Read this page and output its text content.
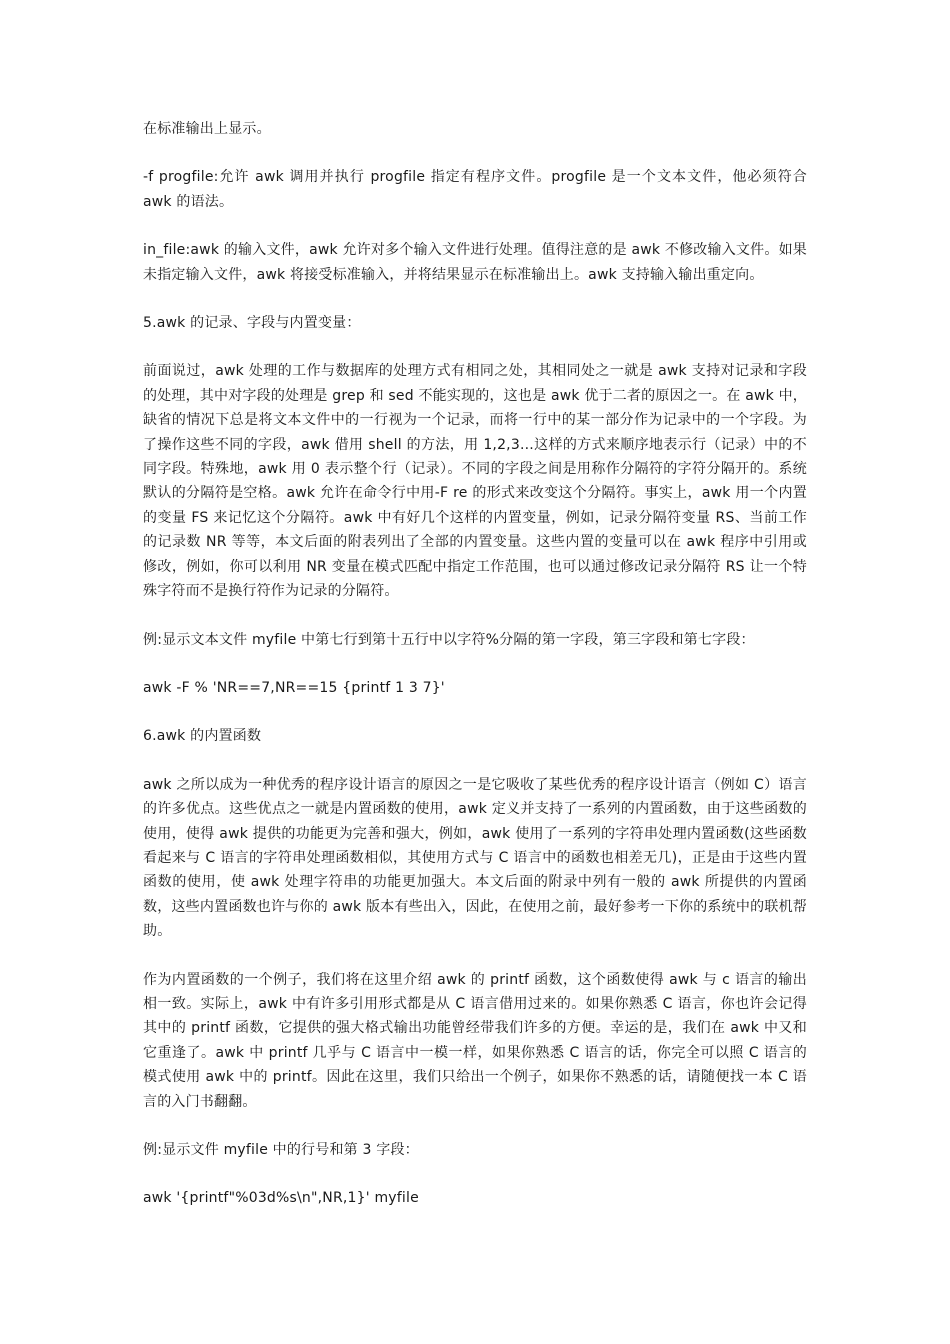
在标准输出上显示。

-f progfile:允许 awk 调用并执行 progfile 指定有程序文件。progfile 是一个文本文件，他必须符合 awk 的语法。

in_file:awk 的输入文件，awk 允许对多个输入文件进行处理。值得注意的是 awk 不修改输入文件。如果未指定输入文件，awk 将接受标准输入，并将结果显示在标准输出上。awk 支持输入输出重定向。

5.awk 的记录、字段与内置变量：

前面说过，awk 处理的工作与数据库的处理方式有相同之处，其相同处之一就是 awk 支持对记录和字段的处理，其中对字段的处理是 grep 和 sed 不能实现的，这也是 awk 优于二者的原因之一。在 awk 中，缺省的情况下总是将文本文件中的一行视为一个记录，而将一行中的某一部分作为记录中的一个字段。为了操作这些不同的字段，awk 借用 shell 的方法，用 1,2,3...这样的方式来顺序地表示行（记录）中的不同字段。特殊地，awk 用 0 表示整个行（记录）。不同的字段之间是用称作分隔符的字符分隔开的。系统默认的分隔符是空格。awk 允许在命令行中用-F re 的形式来改变这个分隔符。事实上，awk 用一个内置的变量 FS 来记忆这个分隔符。awk 中有好几个这样的内置变量，例如，记录分隔符变量 RS、当前工作的记录数 NR 等等，本文后面的附表列出了全部的内置变量。这些内置的变量可以在 awk 程序中引用或修改，例如，你可以利用 NR 变量在模式匹配中指定工作范围，也可以通过修改记录分隔符 RS 让一个特殊字符而不是换行符作为记录的分隔符。

例:显示文本文件 myfile 中第七行到第十五行中以字符%分隔的第一字段，第三字段和第七字段：

awk -F % 'NR==7,NR==15 {printf 1 3 7}'

6.awk 的内置函数

awk 之所以成为一种优秀的程序设计语言的原因之一是它吸收了某些优秀的程序设计语言（例如 C）语言的许多优点。这些优点之一就是内置函数的使用，awk 定义并支持了一系列的内置函数，由于这些函数的使用，使得 awk 提供的功能更为完善和强大，例如，awk 使用了一系列的字符串处理内置函数(这些函数看起来与 C 语言的字符串处理函数相似，其使用方式与 C 语言中的函数也相差无几)，正是由于这些内置函数的使用，使 awk 处理字符串的功能更加强大。本文后面的附录中列有一般的 awk 所提供的内置函数，这些内置函数也许与你的 awk 版本有些出入，因此，在使用之前，最好参考一下你的系统中的联机帮助。

作为内置函数的一个例子，我们将在这里介绍 awk 的 printf 函数，这个函数使得 awk 与 c 语言的输出相一致。实际上，awk 中有许多引用形式都是从 C 语言借用过来的。如果你熟悉 C 语言，你也许会记得其中的 printf 函数，它提供的强大格式输出功能曾经带我们许多的方便。幸运的是，我们在 awk 中又和它重逢了。awk 中 printf 几乎与 C 语言中一模一样，如果你熟悉 C 语言的话，你完全可以照 C 语言的模式使用 awk 中的 printf。因此在这里，我们只给出一个例子，如果你不熟悉的话，请随便找一本 C 语言的入门书翻翻。

例:显示文件 myfile 中的行号和第 3 字段：

awk '{printf"%03d%s\n",NR,1}' myfile
